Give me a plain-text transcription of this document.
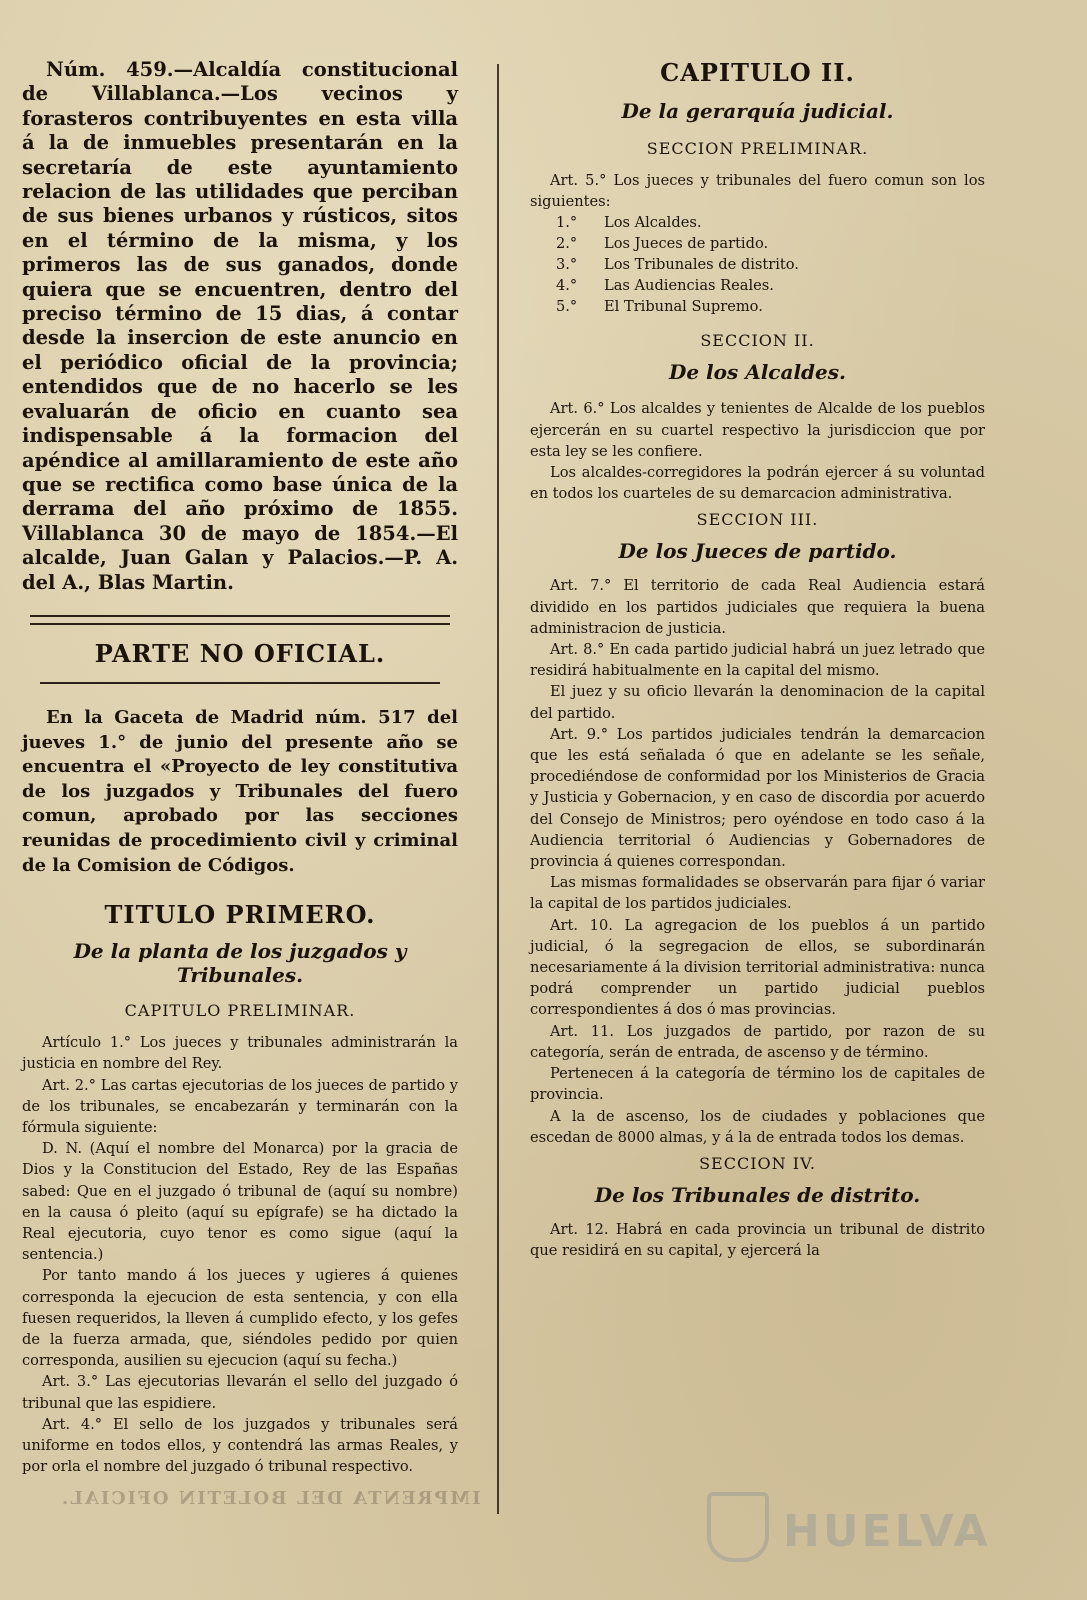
Núm. 459.—Alcaldía constitucional de Villablanca.—Los vecinos y forasteros contribuyentes en esta villa á la de inmuebles presentarán en la secretaría de este ayuntamiento relacion de las utilidades que perciban de sus bienes urbanos y rústicos, sitos en el término de la misma, y los primeros las de sus ganados, donde quiera que se encuentren, dentro del preciso término de 15 dias, á contar desde la insercion de este anuncio en el periódico oficial de la provincia; entendidos que de no hacerlo se les evaluarán de oficio en cuanto sea indispensable á la formacion del apéndice al amillaramiento de este año que se rectifica como base única de la derrama del año próximo de 1855. Villablanca 30 de mayo de 1854.—El alcalde, Juan Galan y Palacios.—P. A. del A., Blas Martin.

PARTE NO OFICIAL.

En la Gaceta de Madrid núm. 517 del jueves 1.° de junio del presente año se encuentra el «Proyecto de ley constitutiva de los juzgados y Tribunales del fuero comun, aprobado por las secciones reunidas de procedimiento civil y criminal de la Comision de Códigos.

TITULO PRIMERO.

De la planta de los juzgados y Tribunales.

CAPITULO PRELIMINAR.

Artículo 1.° Los jueces y tribunales administrarán la justicia en nombre del Rey.

Art. 2.° Las cartas ejecutorias de los jueces de partido y de los tribunales, se encabezarán y terminarán con la fórmula siguiente:

D. N. (Aquí el nombre del Monarca) por la gracia de Dios y la Constitucion del Estado, Rey de las Españas sabed: Que en el juzgado ó tribunal de (aquí su nombre) en la causa ó pleito (aquí su epígrafe) se ha dictado la Real ejecutoria, cuyo tenor es como sigue (aquí la sentencia.)

Por tanto mando á los jueces y ugieres á quienes corresponda la ejecucion de esta sentencia, y con ella fuesen requeridos, la lleven á cumplido efecto, y los gefes de la fuerza armada, que, siéndoles pedido por quien corresponda, ausilien su ejecucion (aquí su fecha.)

Art. 3.° Las ejecutorias llevarán el sello del juzgado ó tribunal que las espidiere.

Art. 4.° El sello de los juzgados y tribunales será uniforme en todos ellos, y contendrá las armas Reales, y por orla el nombre del juzgado ó tribunal respectivo.

CAPITULO II.

De la gerarquía judicial.

SECCION PRELIMINAR.

Art. 5.° Los jueces y tribunales del fuero comun son los siguientes:

1.° Los Alcaldes.

2.° Los Jueces de partido.

3.° Los Tribunales de distrito.

4.° Las Audiencias Reales.

5.° El Tribunal Supremo.

SECCION II.

De los Alcaldes.

Art. 6.° Los alcaldes y tenientes de Alcalde de los pueblos ejercerán en su cuartel respectivo la jurisdiccion que por esta ley se les confiere.

Los alcaldes-corregidores la podrán ejercer á su voluntad en todos los cuarteles de su demarcacion administrativa.

SECCION III.

De los Jueces de partido.

Art. 7.° El territorio de cada Real Audiencia estará dividido en los partidos judiciales que requiera la buena administracion de justicia.

Art. 8.° En cada partido judicial habrá un juez letrado que residirá habitualmente en la capital del mismo.

El juez y su oficio llevarán la denominacion de la capital del partido.

Art. 9.° Los partidos judiciales tendrán la demarcacion que les está señalada ó que en adelante se les señale, procediéndose de conformidad por los Ministerios de Gracia y Justicia y Gobernacion, y en caso de discordia por acuerdo del Consejo de Ministros; pero oyéndose en todo caso á la Audiencia territorial ó Audiencias y Gobernadores de provincia á quienes correspondan.

Las mismas formalidades se observarán para fijar ó variar la capital de los partidos judiciales.

Art. 10. La agregacion de los pueblos á un partido judicial, ó la segregacion de ellos, se subordinarán necesariamente á la division territorial administrativa: nunca podrá comprender un partido judicial pueblos correspondientes á dos ó mas provincias.

Art. 11. Los juzgados de partido, por razon de su categoría, serán de entrada, de ascenso y de término.

Pertenecen á la categoría de término los de capitales de provincia.

A la de ascenso, los de ciudades y poblaciones que escedan de 8000 almas, y á la de entrada todos los demas.

SECCION IV.

De los Tribunales de distrito.

Art. 12. Habrá en cada provincia un tribunal de distrito que residirá en su capital, y ejercerá la

IMPRENTA DEL BOLETIN OFICIAL.
HUELVA
